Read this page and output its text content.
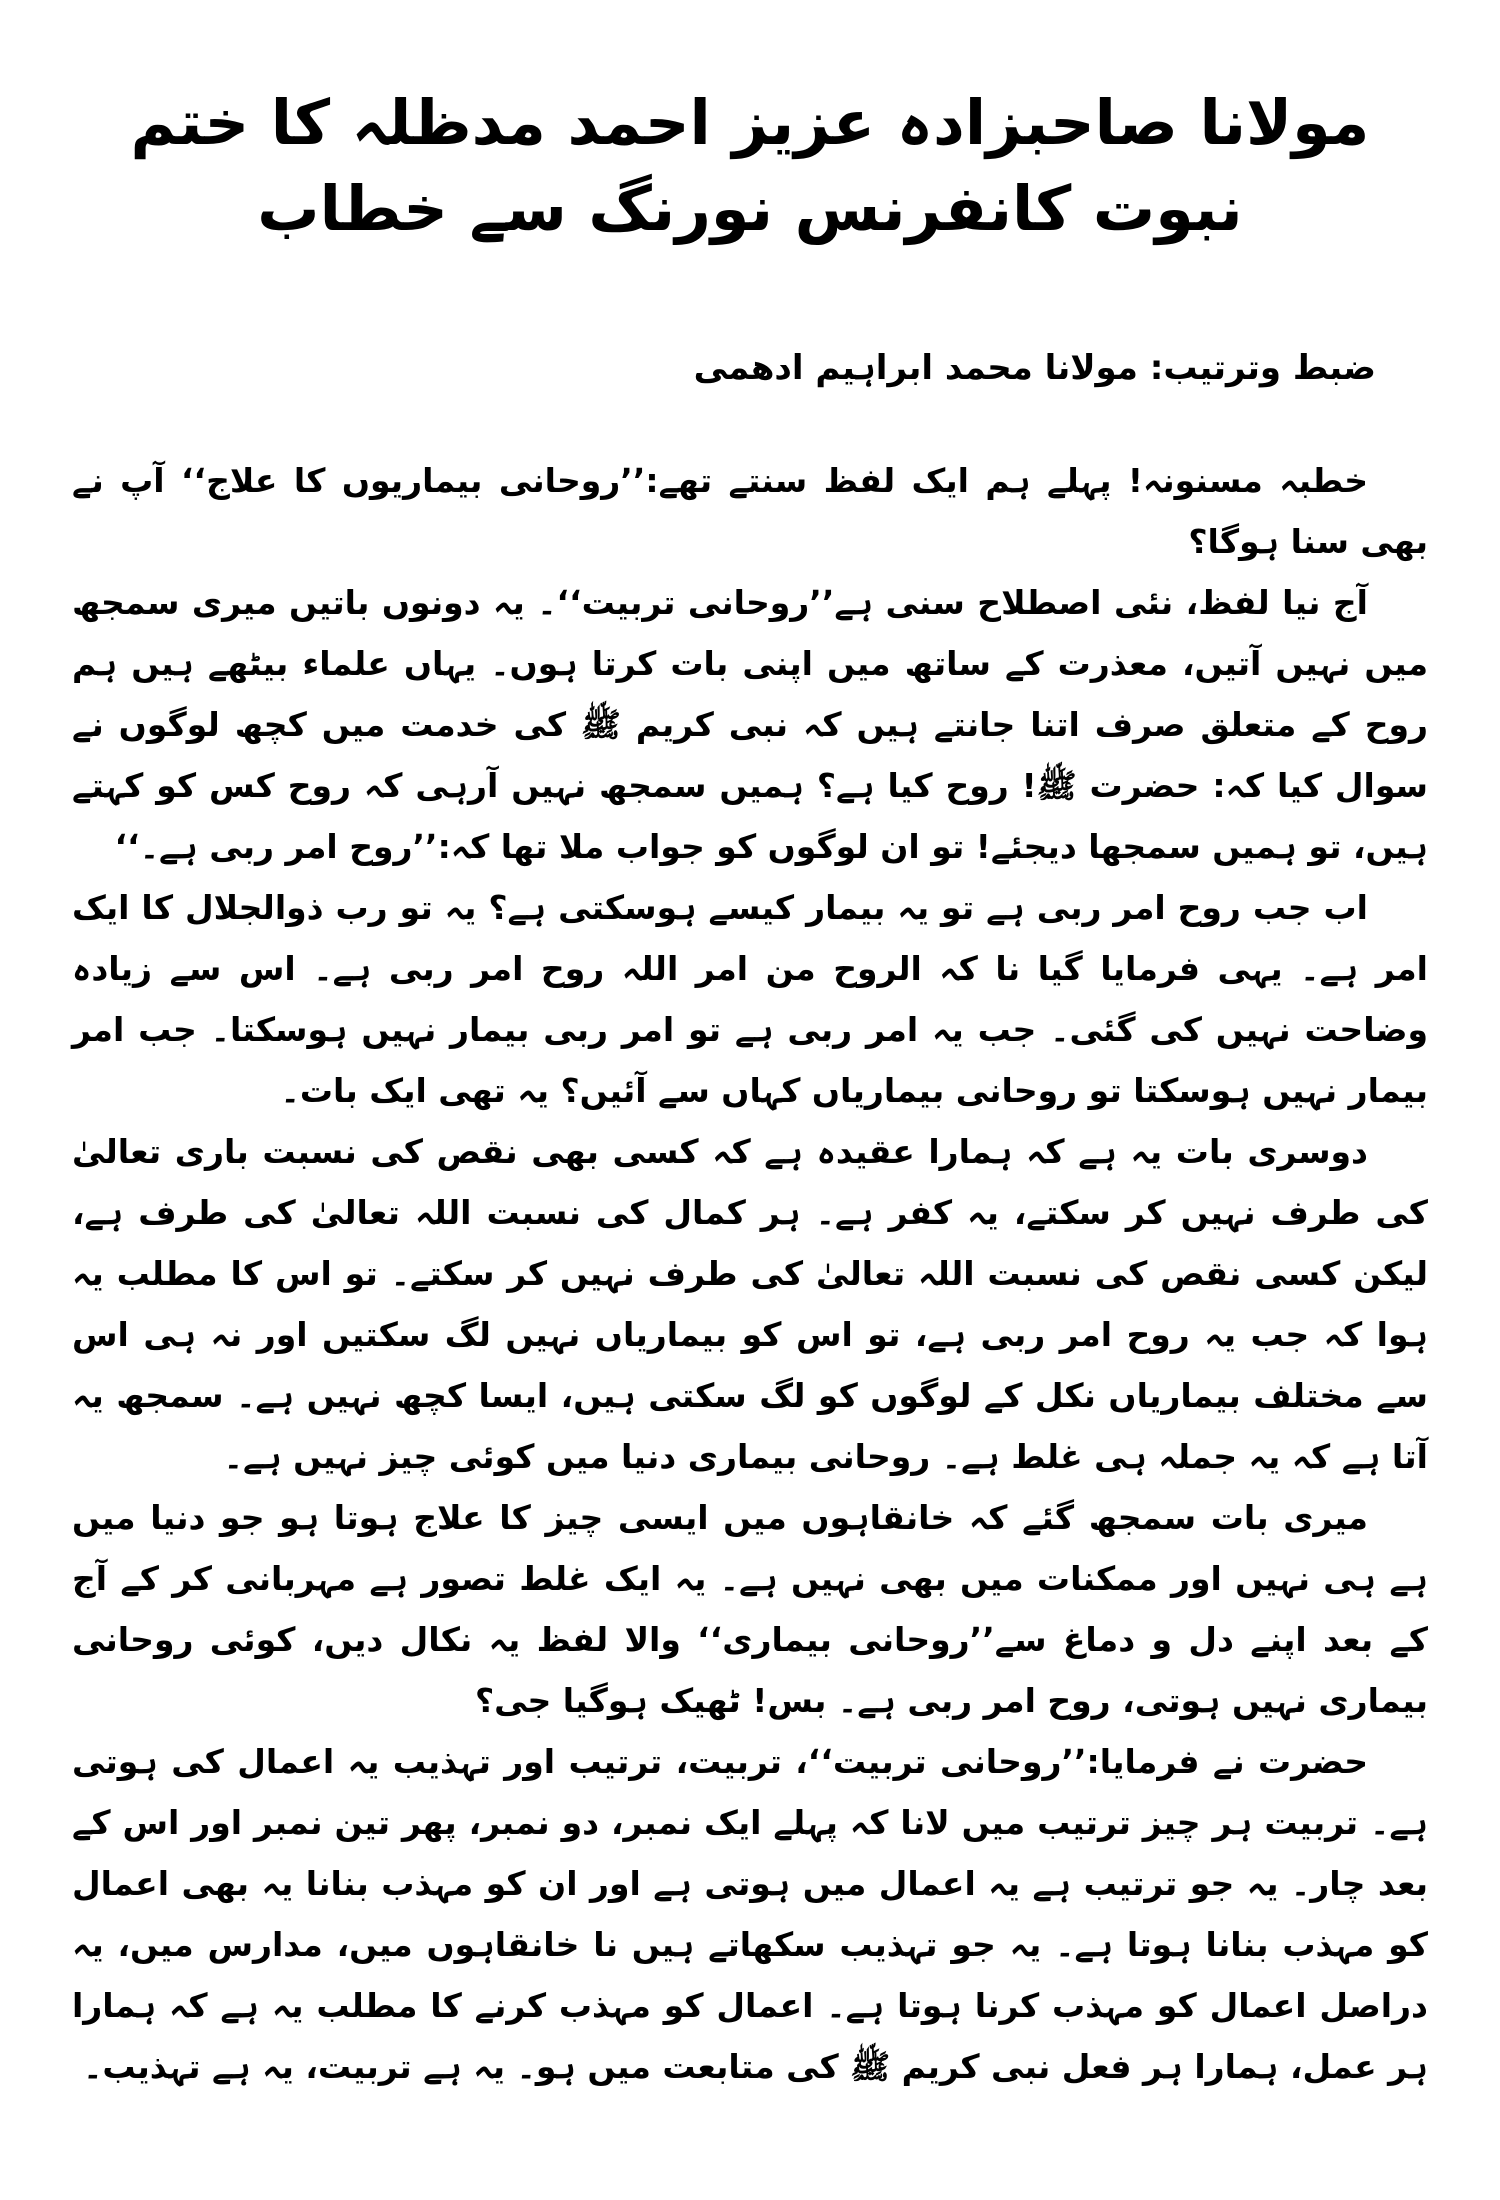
مولانا صاحبزادہ عزیز احمد مدظلہ کا ختم نبوت کانفرنس نورنگ سے خطاب
ضبط وترتیب: مولانا محمد ابراہیم ادھمی

خطبہ مسنونہ! پہلے ہم ایک لفظ سنتے تھے:’’روحانی بیماریوں کا علاج‘‘ آپ نے بھی سنا ہوگا؟

آج نیا لفظ، نئی اصطلاح سنی ہے’’روحانی تربیت‘‘۔ یہ دونوں باتیں میری سمجھ میں نہیں آتیں، معذرت کے ساتھ میں اپنی بات کرتا ہوں۔ یہاں علماء بیٹھے ہیں ہم روح کے متعلق صرف اتنا جانتے ہیں کہ نبی کریم ﷺ کی خدمت میں کچھ لوگوں نے سوال کیا کہ: حضرت ﷺ! روح کیا ہے؟ ہمیں سمجھ نہیں آرہی کہ روح کس کو کہتے ہیں، تو ہمیں سمجھا دیجئے! تو ان لوگوں کو جواب ملا تھا کہ:’’روح امر ربی ہے۔‘‘

اب جب روح امر ربی ہے تو یہ بیمار کیسے ہوسکتی ہے؟ یہ تو رب ذوالجلال کا ایک امر ہے۔ یہی فرمایا گیا نا کہ الروح من امر اللہ روح امر ربی ہے۔ اس سے زیادہ وضاحت نہیں کی گئی۔ جب یہ امر ربی ہے تو امر ربی بیمار نہیں ہوسکتا۔ جب امر بیمار نہیں ہوسکتا تو روحانی بیماریاں کہاں سے آئیں؟ یہ تھی ایک بات۔

دوسری بات یہ ہے کہ ہمارا عقیدہ ہے کہ کسی بھی نقص کی نسبت باری تعالیٰ کی طرف نہیں کر سکتے، یہ کفر ہے۔ ہر کمال کی نسبت اللہ تعالیٰ کی طرف ہے، لیکن کسی نقص کی نسبت اللہ تعالیٰ کی طرف نہیں کر سکتے۔ تو اس کا مطلب یہ ہوا کہ جب یہ روح امر ربی ہے، تو اس کو بیماریاں نہیں لگ سکتیں اور نہ ہی اس سے مختلف بیماریاں نکل کے لوگوں کو لگ سکتی ہیں، ایسا کچھ نہیں ہے۔ سمجھ یہ آتا ہے کہ یہ جملہ ہی غلط ہے۔ روحانی بیماری دنیا میں کوئی چیز نہیں ہے۔

میری بات سمجھ گئے کہ خانقاہوں میں ایسی چیز کا علاج ہوتا ہو جو دنیا میں ہے ہی نہیں اور ممکنات میں بھی نہیں ہے۔ یہ ایک غلط تصور ہے مہربانی کر کے آج کے بعد اپنے دل و دماغ سے’’روحانی بیماری‘‘ والا لفظ یہ نکال دیں، کوئی روحانی بیماری نہیں ہوتی، روح امر ربی ہے۔ بس! ٹھیک ہوگیا جی؟

حضرت نے فرمایا:’’روحانی تربیت‘‘، تربیت، ترتیب اور تہذیب یہ اعمال کی ہوتی ہے۔ تربیت ہر چیز ترتیب میں لانا کہ پہلے ایک نمبر، دو نمبر، پھر تین نمبر اور اس کے بعد چار۔ یہ جو ترتیب ہے یہ اعمال میں ہوتی ہے اور ان کو مہذب بنانا یہ بھی اعمال کو مہذب بنانا ہوتا ہے۔ یہ جو تہذیب سکھاتے ہیں نا خانقاہوں میں، مدارس میں، یہ دراصل اعمال کو مہذب کرنا ہوتا ہے۔ اعمال کو مہذب کرنے کا مطلب یہ ہے کہ ہمارا ہر عمل، ہمارا ہر فعل نبی کریم ﷺ کی متابعت میں ہو۔ یہ ہے تربیت، یہ ہے تہذیب۔
